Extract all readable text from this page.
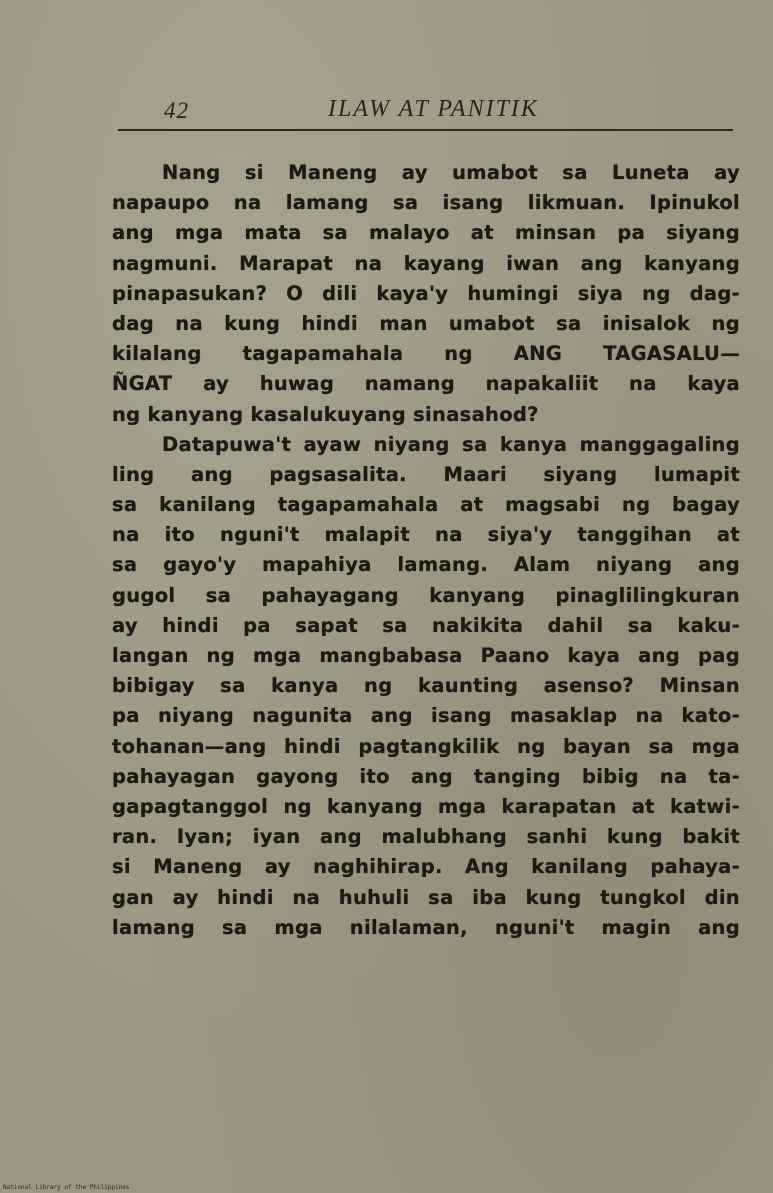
42	ILAW AT PANITIK
Nang si Maneng ay umabot sa Luneta ay
napaupo na lamang sa isang likmuan. Ipinukol
ang mga mata sa malayo at minsan pa siyang
nagmuni. Marapat na kayang iwan ang kanyang
pinapasukan? O dili kaya'y humingi siya ng dag-
dag na kung hindi man umabot sa inisalok ng
kilalang tagapamahala ng ANG TAGASALU—
ÑGAT ay huwag namang napakaliit na kaya
ng kanyang kasalukuyang sinasahod?
Datapuwa't ayaw niyang sa kanya manggagaling
ling ang pagsasalita. Maari siyang lumapit
sa kanilang tagapamahala at magsabi ng bagay
na ito nguni't malapit na siya'y tanggihan at
sa gayo'y mapahiya lamang. Alam niyang ang
gugol sa pahayagang kanyang pinaglilingkuran
ay hindi pa sapat sa nakikita dahil sa kaku-
langan ng mga mangbabasa Paano kaya ang pag
bibigay sa kanya ng kaunting asenso? Minsan
pa niyang nagunita ang isang masaklap na kato-
tohanan—ang hindi pagtangkilik ng bayan sa mga
pahayagan gayong ito ang tanging bibig na ta-
gapagtanggol ng kanyang mga karapatan at katwi-
ran. Iyan; iyan ang malubhang sanhi kung bakit
si Maneng ay naghihirap. Ang kanilang pahaya-
gan ay hindi na huhuli sa iba kung tungkol din
lamang sa mga nilalaman, nguni't magin ang
National Library of the Philippines
